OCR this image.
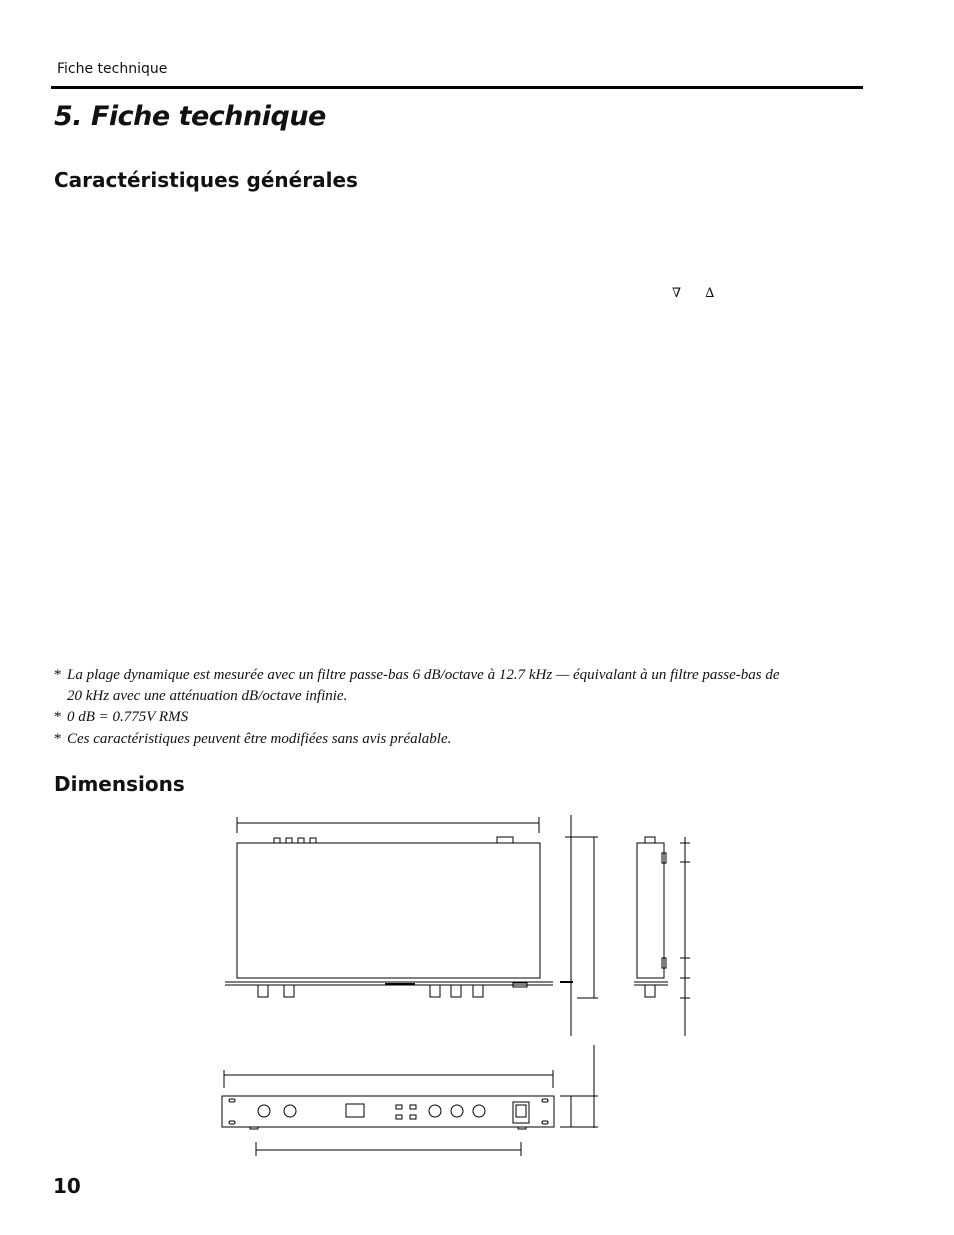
Fiche technique
5. Fiche technique
Caractéristiques générales
∇ ∆
* La plage dynamique est mesurée avec un filtre passe-bas 6 dB/octave à 12.7 kHz — équivalant à un filtre passe-bas de
20 kHz avec une atténuation dB/octave infinie.
* 0 dB = 0.775V RMS
* Ces caractéristiques peuvent être modifiées sans avis préalable.
Dimensions
10
